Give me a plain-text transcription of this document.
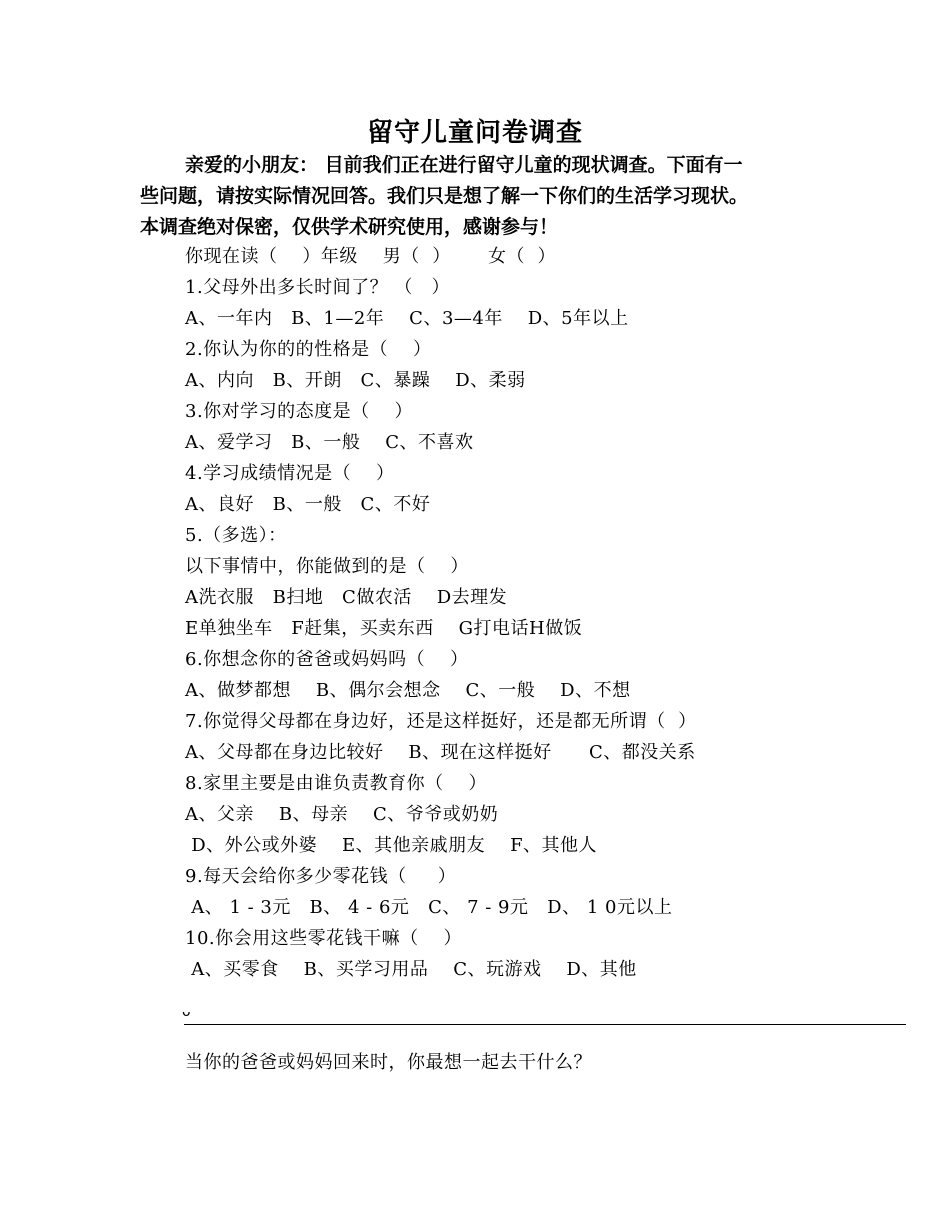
留守儿童问卷调查
亲爱的小朋友： 目前我们正在进行留守儿童的现状调查。下面有一
些问题，请按实际情况回答。我们只是想了解一下你们的生活学习现状。
本调查绝对保密，仅供学术研究使用，感谢参与！
你现在读（    ）年级    男（  ）      女（  ）
1.父母外出多长时间了？ （   ）
A、一年内   B、1—2年    C、3—4年    D、5年以上
2.你认为你的的性格是（    ）
A、内向   B、开朗   C、暴躁    D、柔弱
3.你对学习的态度是（    ）
A、爱学习   B、一般    C、不喜欢
4.学习成绩情况是（    ）
A、良好   B、一般   C、不好
5.（多选）：
以下事情中，你能做到的是（    ）
A洗衣服   B扫地   C做农活    D去理发
E单独坐车   F赶集，买卖东西    G打电话H做饭
6.你想念你的爸爸或妈妈吗（    ）
A、做梦都想    B、偶尔会想念    C、一般    D、不想
7.你觉得父母都在身边好，还是这样挺好，还是都无所谓（  ）
A、父母都在身边比较好    B、现在这样挺好      C、都没关系
8.家里主要是由谁负责教育你（    ）
A、父亲    B、母亲    C、爷爷或奶奶
D、外公或外婆    E、其他亲戚朋友    F、其他人
9.每天会给你多少零花钱（     ）
A、 1 - 3元   B、 4 - 6元   C、 7 - 9元   D、 1 0元以上
10.你会用这些零花钱干嘛（    ）
A、买零食    B、买学习用品    C、玩游戏    D、其他
ᴗ
当你的爸爸或妈妈回来时，你最想一起去干什么？
